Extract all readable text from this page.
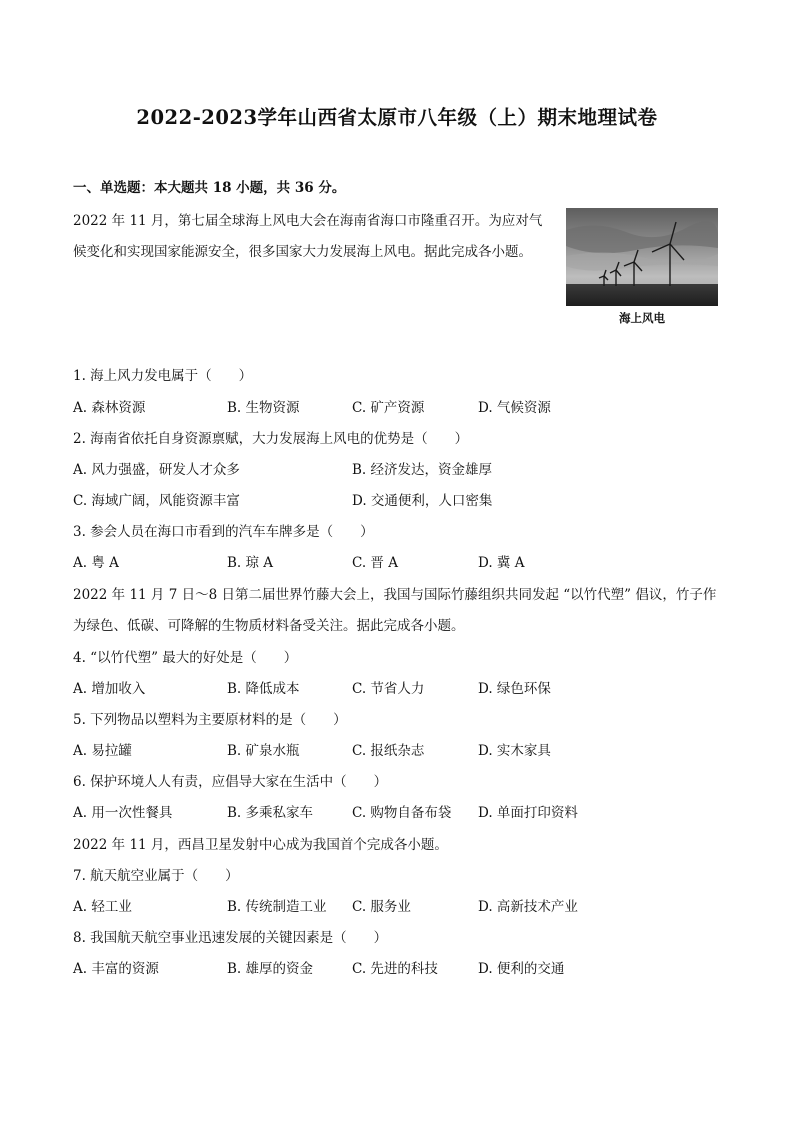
2022-2023学年山西省太原市八年级（上）期末地理试卷
一、单选题：本大题共 18 小题，共 36 分。
2022 年 11 月，第七届全球海上风电大会在海南省海口市隆重召开。为应对气
候变化和实现国家能源安全，很多国家大力发展海上风电。据此完成各小题。
海上风电
1. 海上风力发电属于（　　）
A. 森林资源	B. 生物资源	C. 矿产资源	D. 气候资源
2. 海南省依托自身资源禀赋，大力发展海上风电的优势是（　　）
A. 风力强盛，研发人才众多	B. 经济发达，资金雄厚
C. 海域广阔，风能资源丰富	D. 交通便利，人口密集
3. 参会人员在海口市看到的汽车车牌多是（　　）
A. 粤 A	B. 琼 A	C. 晋 A	D. 冀 A
2022 年 11 月 7 日～8 日第二届世界竹藤大会上，我国与国际竹藤组织共同发起 “以竹代塑” 倡议，竹子作
为绿色、低碳、可降解的生物质材料备受关注。据此完成各小题。
4. “以竹代塑” 最大的好处是（　　）
A. 增加收入	B. 降低成本	C. 节省人力	D. 绿色环保
5. 下列物品以塑料为主要原材料的是（　　）
A. 易拉罐	B. 矿泉水瓶	C. 报纸杂志	D. 实木家具
6. 保护环境人人有责，应倡导大家在生活中（　　）
A. 用一次性餐具	B. 多乘私家车	C. 购物自备布袋 D. 单面打印资料
2022 年 11 月，西昌卫星发射中心成为我国首个完成各小题。
7. 航天航空业属于（　　）
A. 轻工业	B. 传统制造工业 C. 服务业	D. 高新技术产业
8. 我国航天航空事业迅速发展的关键因素是（　　）
A. 丰富的资源	B. 雄厚的资金	C. 先进的科技	D. 便利的交通
